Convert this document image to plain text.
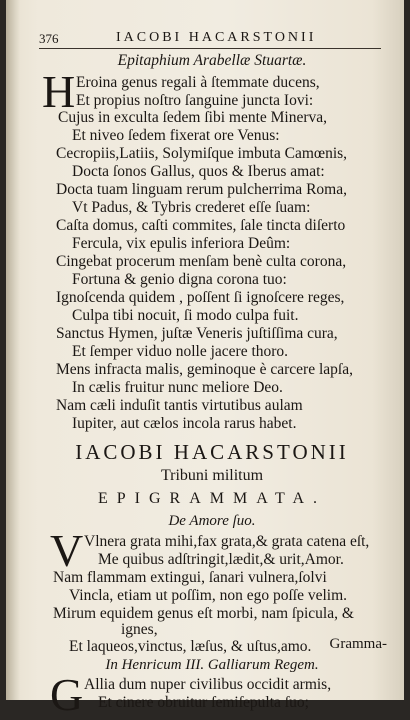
376	IACOBI HACARSTONII
Epitaphium Arabellæ Stuartæ.
H Eroina genus regali à ſtemmate ducens,
Et propius noſtro ſanguine juncta Iovi:
Cujus in exculta ſedem ſibi mente Minerva,
Et niveo ſedem fixerat ore Venus:
Cecropiis,Latiis, Solymiſque imbuta Camœnis,
Docta ſonos Gallus, quos & Iberus amat:
Docta tuam linguam rerum pulcherrima Roma,
Vt Padus, & Tybris crederet eſſe ſuam:
Caſta domus, caſti commites, ſale tincta diſerto
Fercula, vix epulis inferiora Deûm:
Cingebat procerum menſam benè culta corona,
Fortuna & genio digna corona tuo:
Ignoſcenda quidem , poſſent ſi ignoſcere reges,
Culpa tibi nocuit, ſi modo culpa fuit.
Sanctus Hymen, juſtæ Veneris juſtiſſima cura,
Et ſemper viduo nolle jacere thoro.
Mens infracta malis, geminoque è carcere lapſa,
In cælis fruitur nunc meliore Deo.
Nam cæli induſit tantis virtutibus aulam
Iupiter, aut cælos incola rarus habet.
IACOBI HACARSTONII
Tribuni militum
EPIGRAMMATA.
De Amore ſuo.
V Vlnera grata mihi,fax grata,& grata catena eſt,
Me quibus adſtringit,lædit,& urit,Amor.
Nam flammam extingui, ſanari vulnera,ſolvi
Vincla, etiam ut poſſim, non ego poſſe velim.
Mirum equidem genus eſt morbi, nam ſpicula, &
ignes,
Et laqueos,vinctus, læſus, & uſtus,amo.
In Henricum III. Galliarum Regem.
G Allia dum nuper civilibus occidit armis,
Et cinere obruitur ſemiſepulta ſuo;
Gramma-
